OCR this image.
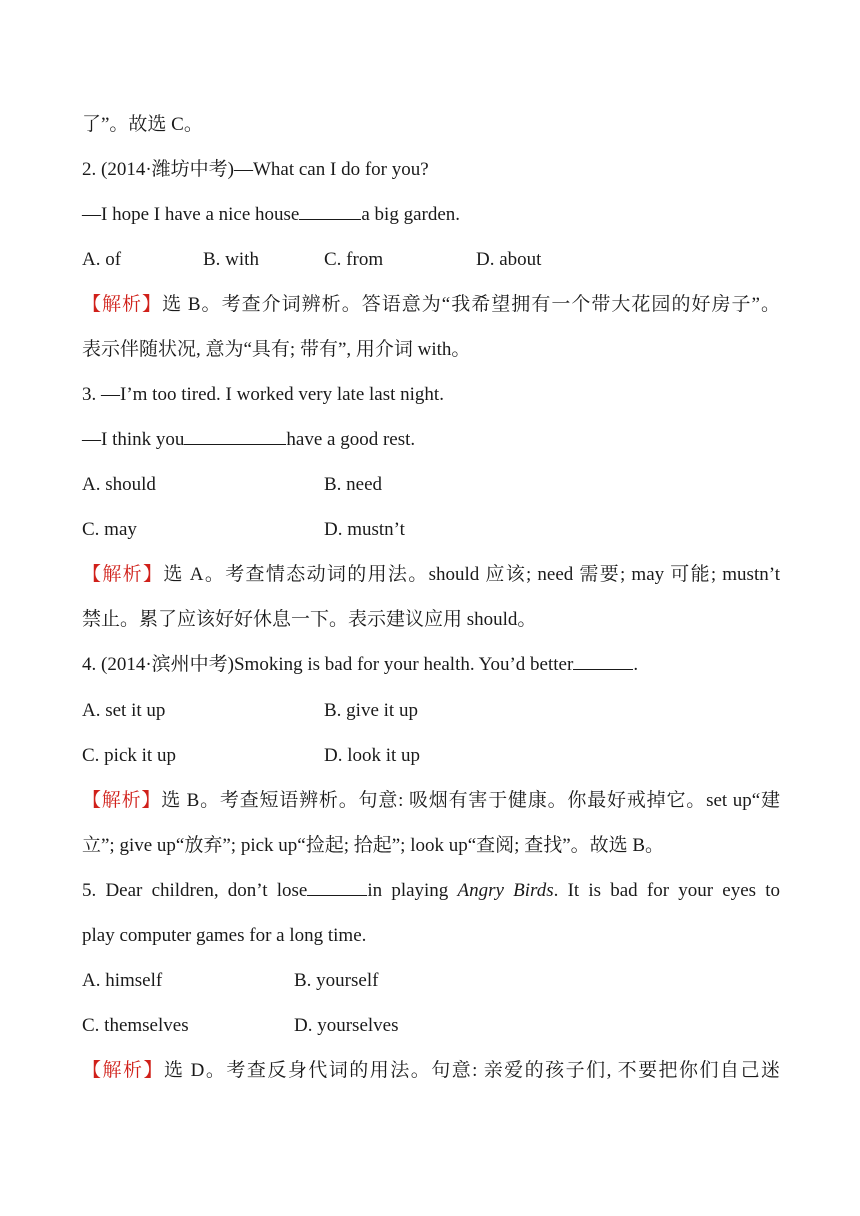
了”。故选 C。
2. (2014·潍坊中考)—What can I do for you?
—I hope I have a nice house	a big garden.
A. of	B. with	C. from	D. about
【解析】选 B。考查介词辨析。答语意为“我希望拥有一个带大花园的好房子”。
表示伴随状况, 意为“具有; 带有”, 用介词 with。
3. —I’m too tired. I worked very late last night.
—I think you	have a good rest.
A. should	B. need
C. may	D. mustn’t
【解析】选 A。考查情态动词的用法。should 应该; need 需要; may 可能; mustn’t
禁止。累了应该好好休息一下。表示建议应用 should。
4. (2014·滨州中考)Smoking is bad for your health. You’d better	.
A. set it up	B. give it up
C. pick it up	D. look it up
【解析】选 B。考查短语辨析。句意: 吸烟有害于健康。你最好戒掉它。set up“建
立”; give up“放弃”; pick up“捡起; 拾起”; look up“查阅; 查找”。故选 B。
5. Dear children, don’t lose	in playing Angry Birds. It is bad for your eyes to
play computer games for a long time.
A. himself	B. yourself
C. themselves	D. yourselves
【解析】选 D。考查反身代词的用法。句意: 亲爱的孩子们, 不要把你们自己迷
